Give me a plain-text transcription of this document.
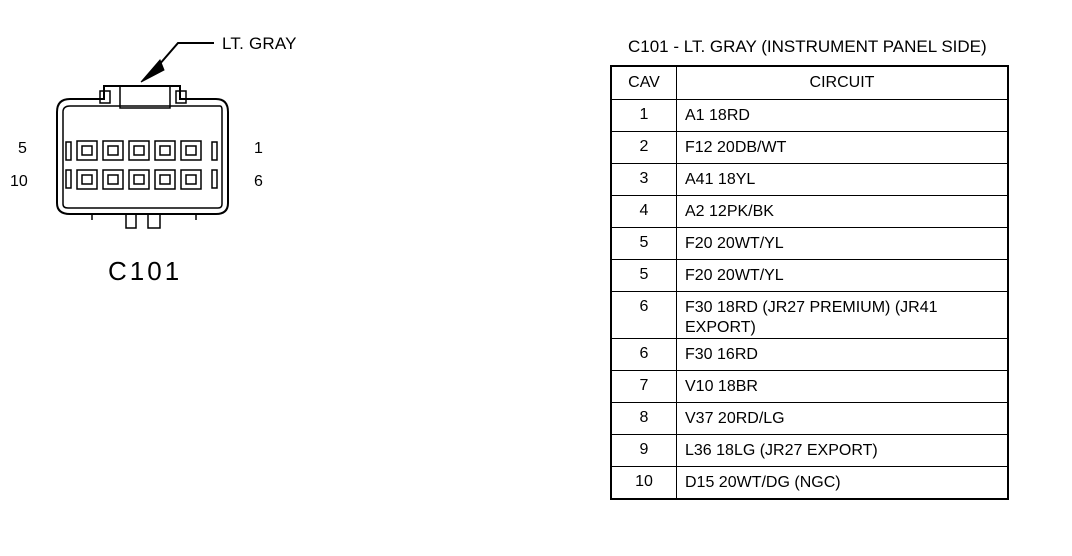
LT. GRAY
5
10
1
6
C101
C101 - LT. GRAY (INSTRUMENT PANEL SIDE)
CAV	CIRCUIT
1	A1 18RD
2	F12 20DB/WT
3	A41 18YL
4	A2 12PK/BK
5	F20 20WT/YL
5	F20 20WT/YL
6	F30 18RD (JR27 PREMIUM) (JR41 EXPORT)
6	F30 16RD
7	V10 18BR
8	V37 20RD/LG
9	L36 18LG (JR27 EXPORT)
10	D15 20WT/DG (NGC)
